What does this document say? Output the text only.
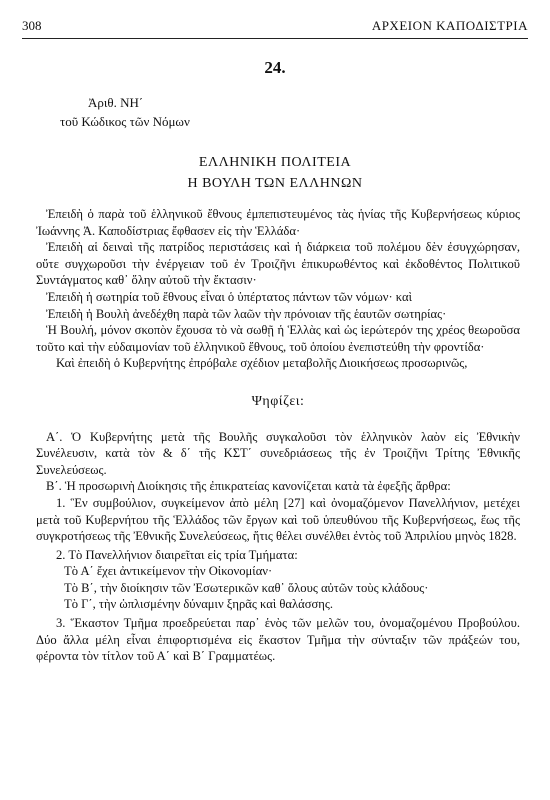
308	ΑΡΧΕΙΟΝ ΚΑΠΟΔΙΣΤΡΙΑ
24.
Ἀριθ. ΝΗ΄
τοῦ Κώδικος τῶν Νόμων
ΕΛΛΗΝΙΚΗ ΠΟΛΙΤΕΙΑ
Η ΒΟΥΛΗ ΤΩΝ ΕΛΛΗΝΩΝ

Ἐπειδὴ ὁ παρὰ τοῦ ἑλληνικοῦ ἔθνους ἐμπεπιστευμένος τὰς ἡνίας τῆς Κυβερνήσεως κύριος Ἰωάννης Ἀ. Καποδίστριας ἔφθασεν εἰς τὴν Ἑλλάδα·

Ἐπειδὴ αἱ δειναὶ τῆς πατρίδος περιστάσεις καὶ ἡ διάρκεια τοῦ πολέμου δὲν ἐσυγχώρησαν, οὔτε συγχωροῦσι τὴν ἐνέργειαν τοῦ ἐν Τροιζῆνι ἐπικυρωθέντος καὶ ἐκδοθέντος Πολιτικοῦ Συντάγματος καθ᾽ ὅλην αὐτοῦ τὴν ἔκτασιν·

Ἐπειδὴ ἡ σωτηρία τοῦ ἔθνους εἶναι ὁ ὑπέρτατος πάντων τῶν νόμων· καὶ

Ἐπειδὴ ἡ Βουλὴ ἀνεδέχθη παρὰ τῶν λαῶν τὴν πρόνοιαν τῆς ἑαυτῶν σωτηρίας·

Ἡ Βουλή, μόνον σκοπὸν ἔχουσα τὸ νὰ σωθῇ ἡ Ἑλλὰς καὶ ὡς ἱερώτερόν της χρέος θεωροῦσα τοῦτο καὶ τὴν εὐδαιμονίαν τοῦ ἑλληνικοῦ ἔθνους, τοῦ ὁποίου ἐνεπιστεύθη τὴν φροντίδα·

Καὶ ἐπειδὴ ὁ Κυβερνήτης ἐπρόβαλε σχέδιον μεταβολῆς Διοικήσεως προσωρινῶς,

Ψηφίζει:

Α΄. Ὁ Κυβερνήτης μετὰ τῆς Βουλῆς συγκαλοῦσι τὸν ἑλληνικὸν λαὸν εἰς Ἐθνικὴν Συνέλευσιν, κατὰ τὸν & δ΄ τῆς ΚΣΤ΄ συνεδριάσεως τῆς ἐν Τροιζῆνι Τρίτης Ἐθνικῆς Συνελεύσεως.

Β΄. Ἡ προσωρινὴ Διοίκησις τῆς ἐπικρατείας κανονίζεται κατὰ τὰ ἐφεξῆς ἄρθρα:

1. Ἓν συμβούλιον, συγκείμενον ἀπὸ μέλη [27] καὶ ὀνομαζόμενον Πανελλήνιον, μετέχει μετὰ τοῦ Κυβερνήτου τῆς Ἑλλάδος τῶν ἔργων καὶ τοῦ ὑπευθύνου τῆς Κυβερνήσεως, ἕως τῆς συγκροτήσεως τῆς Ἐθνικῆς Συνελεύσεως, ἥτις θέλει συνέλθει ἐντὸς τοῦ Ἀπριλίου μηνὸς 1828.

2. Τὸ Πανελλήνιον διαιρεῖται εἰς τρία Τμήματα:

Τὸ Α΄ ἔχει ἀντικείμενον τὴν Οἰκονομίαν·

Τὸ Β΄, τὴν διοίκησιν τῶν Ἐσωτερικῶν καθ᾽ ὅλους αὐτῶν τοὺς κλάδους·

Τὸ Γ΄, τὴν ὡπλισμένην δύναμιν ξηρᾶς καὶ θαλάσσης.

3. Ἕκαστον Τμῆμα προεδρεύεται παρ᾽ ἑνὸς τῶν μελῶν του, ὀνομαζομένου Προβούλου. Δύο ἄλλα μέλη εἶναι ἐπιφορτισμένα εἰς ἕκαστον Τμῆμα τὴν σύνταξιν τῶν πράξεών του, φέροντα τὸν τίτλον τοῦ Α΄ καὶ Β΄ Γραμματέως.
